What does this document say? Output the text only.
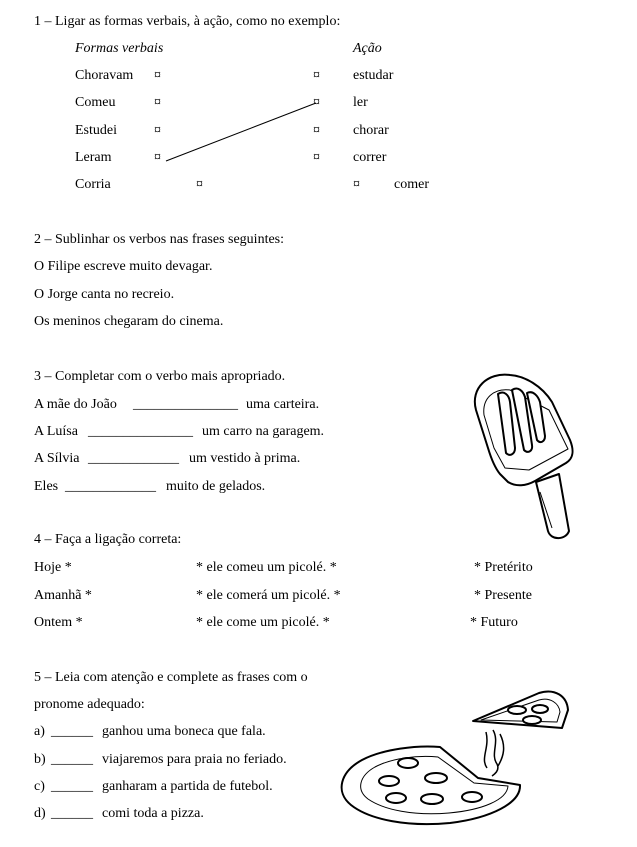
1 – Ligar as formas verbais, à ação, como no exemplo:
Formas verbais	Ação
Choravam
Comeu
Estudei
Leram
Corria
¤
¤
¤
¤
¤
¤
¤
¤
¤
¤
estudar
ler
chorar
correr
comer
2 – Sublinhar os verbos nas frases seguintes:
O Filipe escreve muito devagar.
O Jorge canta no recreio.
Os meninos chegaram do cinema.
3 – Completar com o verbo mais apropriado.
A mãe do João _______________ uma carteira.
A Luísa _______________ um carro na garagem.
A Sílvia _____________ um vestido à prima.
Eles _____________ muito de gelados.
4 – Faça a ligação correta:
Hoje *
Amanhã *
Ontem *
* ele comeu um picolé. *
* ele comerá um picolé. *
* ele come um picolé. *
* Pretérito
* Presente
* Futuro
5 – Leia com atenção e complete as frases com o
pronome adequado:
a) ______ ganhou uma boneca que fala.
b) ______ viajaremos para praia no feriado.
c) ______ ganharam a partida de futebol.
d) ______ comi toda a pizza.
